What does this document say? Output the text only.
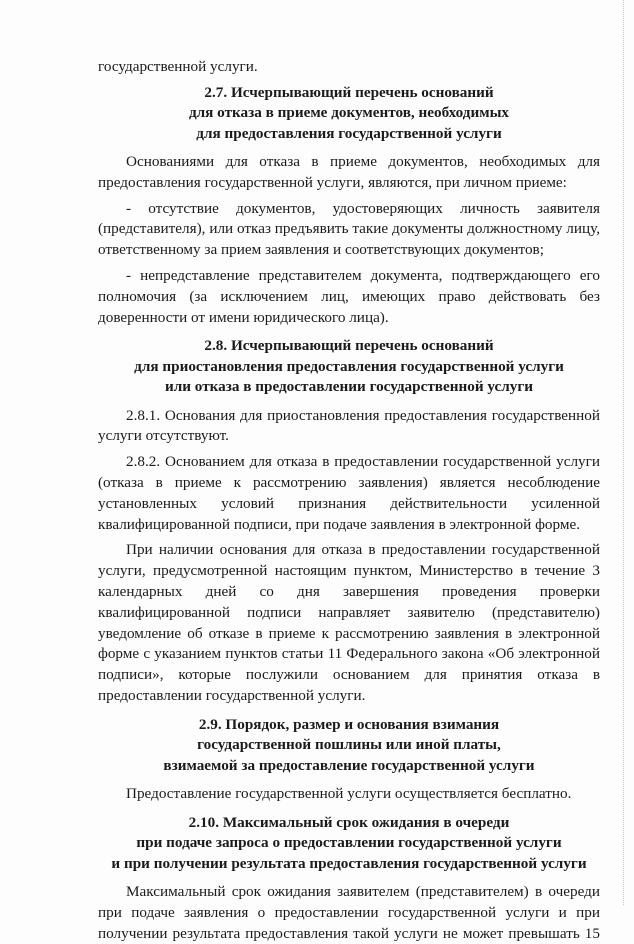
государственной услуги.

2.7. Исчерпывающий перечень оснований
для отказа в приеме документов, необходимых
для предоставления государственной услуги

Основаниями для отказа в приеме документов, необходимых для предоставления государственной услуги, являются, при личном приеме:

- отсутствие документов, удостоверяющих личность заявителя (представителя), или отказ предъявить такие документы должностному лицу, ответственному за прием заявления и соответствующих документов;

- непредставление представителем документа, подтверждающего его полномочия (за исключением лиц, имеющих право действовать без доверенности от имени юридического лица).

2.8. Исчерпывающий перечень оснований
для приостановления предоставления государственной услуги
или отказа в предоставлении государственной услуги

2.8.1. Основания для приостановления предоставления государственной услуги отсутствуют.

2.8.2. Основанием для отказа в предоставлении государственной услуги (отказа в приеме к рассмотрению заявления) является несоблюдение установленных условий признания действительности усиленной квалифицированной подписи, при подаче заявления в электронной форме.

При наличии основания для отказа в предоставлении государственной услуги, предусмотренной настоящим пунктом, Министерство в течение 3 календарных дней со дня завершения проведения проверки квалифицированной подписи направляет заявителю (представителю) уведомление об отказе в приеме к рассмотрению заявления в электронной форме с указанием пунктов статьи 11 Федерального закона «Об электронной подписи», которые послужили основанием для принятия отказа в предоставлении государственной услуги.

2.9. Порядок, размер и основания взимания
государственной пошлины или иной платы,
взимаемой за предоставление государственной услуги

Предоставление государственной услуги осуществляется бесплатно.

2.10. Максимальный срок ожидания в очереди
при подаче запроса о предоставлении государственной услуги
и при получении результата предоставления государственной услуги

Максимальный срок ожидания заявителем (представителем) в очереди при подаче заявления о предоставлении государственной услуги и при получении результата предоставления такой услуги не может превышать 15
